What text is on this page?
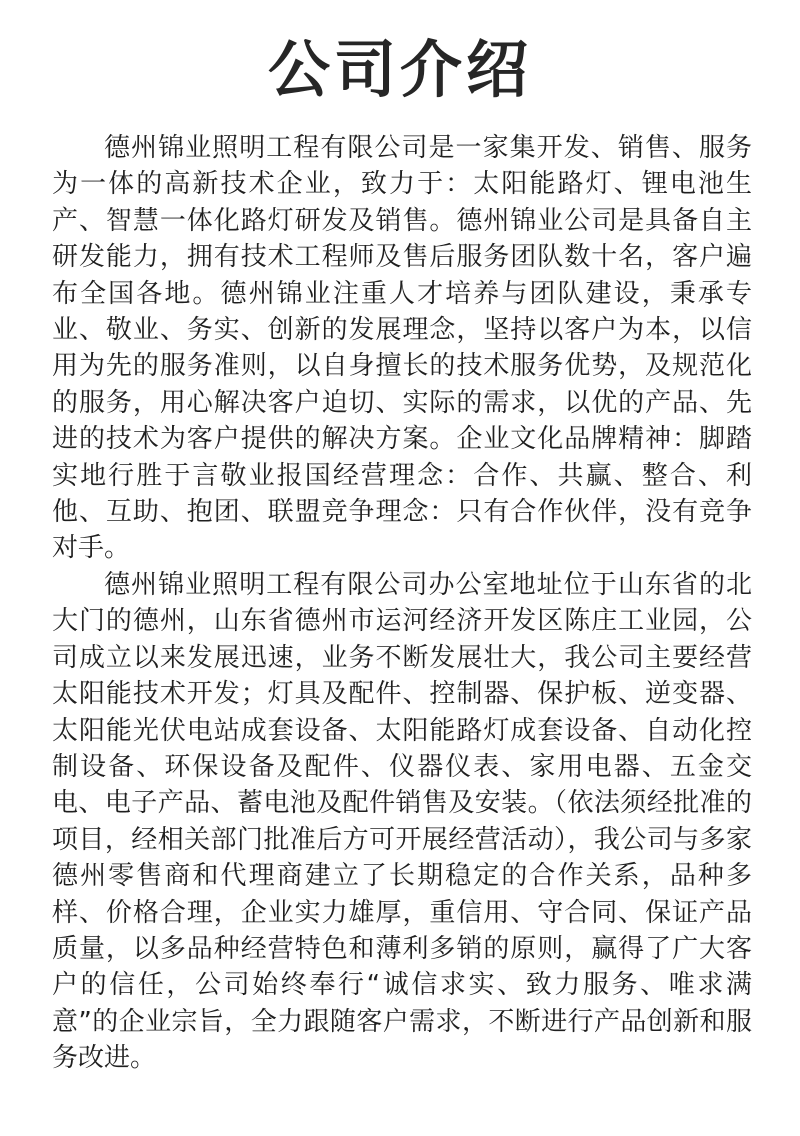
公司介绍

德州锦业照明工程有限公司是一家集开发、销售、服务为一体的高新技术企业，致力于：太阳能路灯、锂电池生产、智慧一体化路灯研发及销售。德州锦业公司是具备自主研发能力，拥有技术工程师及售后服务团队数十名，客户遍布全国各地。德州锦业注重人才培养与团队建设，秉承专业、敬业、务实、创新的发展理念，坚持以客户为本，以信用为先的服务准则，以自身擅长的技术服务优势，及规范化的服务，用心解决客户迫切、实际的需求，以优的产品、先进的技术为客户提供的解决方案。企业文化品牌精神：脚踏实地行胜于言敬业报国经营理念：合作、共赢、整合、利他、互助、抱团、联盟竞争理念：只有合作伙伴，没有竞争对手。

德州锦业照明工程有限公司办公室地址位于山东省的北大门的德州，山东省德州市运河经济开发区陈庄工业园，公司成立以来发展迅速，业务不断发展壮大，我公司主要经营太阳能技术开发；灯具及配件、控制器、保护板、逆变器、太阳能光伏电站成套设备、太阳能路灯成套设备、自动化控制设备、环保设备及配件、仪器仪表、家用电器、五金交电、电子产品、蓄电池及配件销售及安装。（依法须经批准的项目，经相关部门批准后方可开展经营活动），我公司与多家德州零售商和代理商建立了长期稳定的合作关系，品种多样、价格合理，企业实力雄厚，重信用、守合同、保证产品质量，以多品种经营特色和薄利多销的原则，赢得了广大客户的信任，公司始终奉行“诚信求实、致力服务、唯求满意”的企业宗旨，全力跟随客户需求，不断进行产品创新和服务改进。
